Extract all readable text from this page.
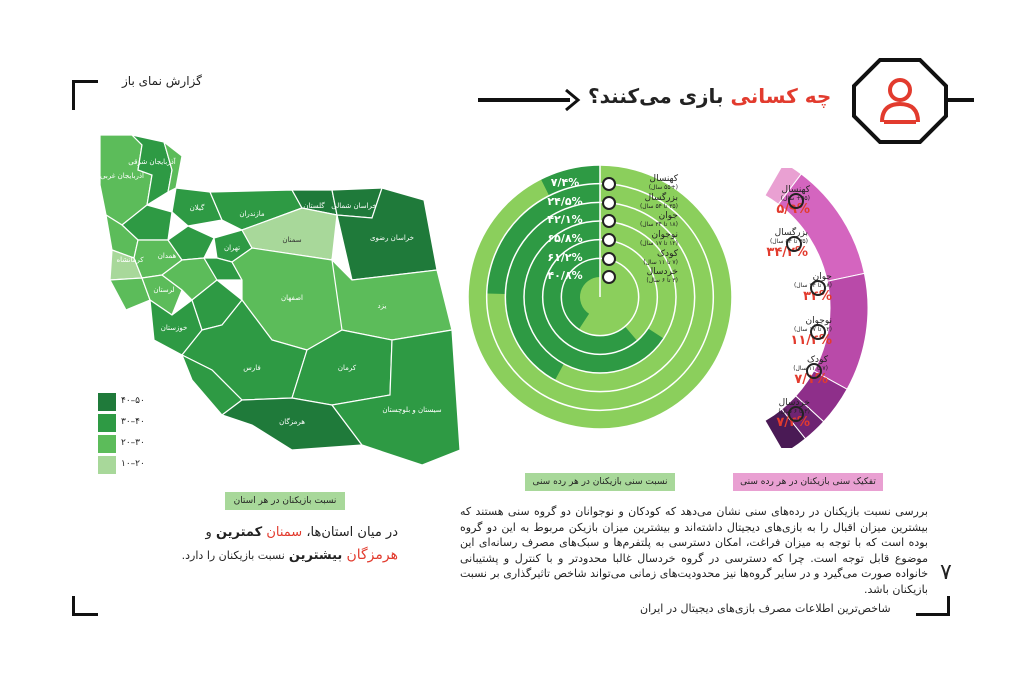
گزارش نمای باز
چه کسانی بازی می‌کنند؟
آذربایجان غربی
آذربایجان شرقی
خراسان شمالی
گلستان
خراسان رضوی
سمنان
مازندران
تهران
اصفهان
یزد
کرمان
سیستان و بلوچستان
هرمزگان
فارس
خوزستان
کرمانشاه همدان
لرستان
گیلان
۴۰–۵۰
۳۰–۴۰
۲۰–۳۰
۱۰–۲۰
نسبت بازیکنان در هر استان
در میان استان‌ها، سمنان کمترین و هرمزگان بیشترین نسبت بازیکنان را دارد.
۷/۴%	کهنسال
(+۵۵ سال)
۲۴/۵%	بزرگسال
(۳۵ تا ۵۴ سال)
۴۲/۱%	جوان
(۱۸ تا ۳۴ سال)
۶۵/۸%	نوجوان
(۱۲ تا ۱۷ سال)
۶۱/۲%	کودک
(۷ تا ۱۱ سال)
۴۰/۸%	خردسال
(۳ تا ۶ سال)
نسبت سنی بازیکنان در هر رده سنی
کهنسال
(۵۵+ سال)
۵/۹%
بزرگسال
(۳۵ تا ۵۴ سال)
۳۴/۲%
جوان
(۱۸ تا ۳۴ سال)
۳۴%
نوجوان
(۱۲ تا ۱۷ سال)
۱۱/۴%
کودک
(۷ تا ۱۱ سال)
۷/۱%
خردسال
(۳ تا ۶ سال)
۷/۴%
تفکیک سنی بازیکنان در هر رده سنی
بررسی نسبت بازیکنان در رده‌های سنی نشان می‌دهد که کودکان و نوجوانان دو گروه سنی هستند که بیشترین میزان اقبال را به بازی‌های دیجیتال داشته‌اند و بیشترین میزان بازیکن مربوط به این دو گروه بوده است که با توجه به میزان فراغت، امکان دسترسی به پلتفرم‌ها و سبک‌های مصرف رسانه‌ای این موضوع قابل توجه است. چرا که دسترسی در گروه خردسال غالبا محدودتر و با کنترل و پشتیبانی خانواده صورت می‌گیرد و در سایر گروه‌ها نیز محدودیت‌های زمانی می‌تواند شاخص تاثیرگذاری بر نسبت بازیکنان باشد.
۷
شاخص‌ترین اطلاعات مصرف بازی‌های دیجیتال در ایران
